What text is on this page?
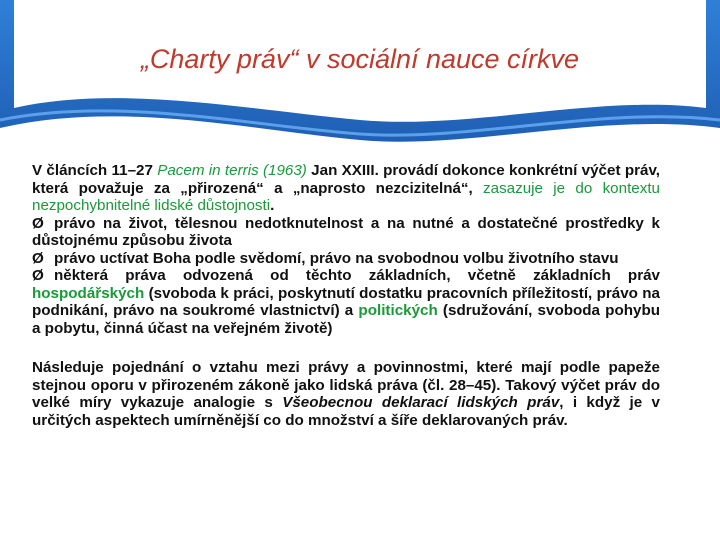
„Charty práv“ v sociální nauce církve

V článcích 11–27 Pacem in terris (1963) Jan XXIII. provádí dokonce konkrétní výčet práv, která považuje za „přirozená“ a „naprosto nezcizitelná“, zasazuje je do kontextu nezpochybnitelné lidské důstojnosti.

Ø právo na život, tělesnou nedotknutelnost a na nutné a dostatečné prostředky k důstojnému způsobu života

Ø právo uctívat Boha podle svědomí, právo na svobodnou volbu životního stavu

Ø některá práva odvozená od těchto základních, včetně základních práv hospodářských (svoboda k práci, poskytnutí dostatku pracovních příležitostí, právo na podnikání, právo na soukromé vlastnictví) a politických (sdružování, svoboda pohybu a pobytu, činná účast na veřejném životě)

Následuje pojednání o vztahu mezi právy a povinnostmi, které mají podle papeže stejnou oporu v přirozeném zákoně jako lidská práva (čl. 28–45). Takový výčet práv do velké míry vykazuje analogie s Všeobecnou deklarací lidských práv, i když je v určitých aspektech umírněnější co do množství a šíře deklarovaných práv.
